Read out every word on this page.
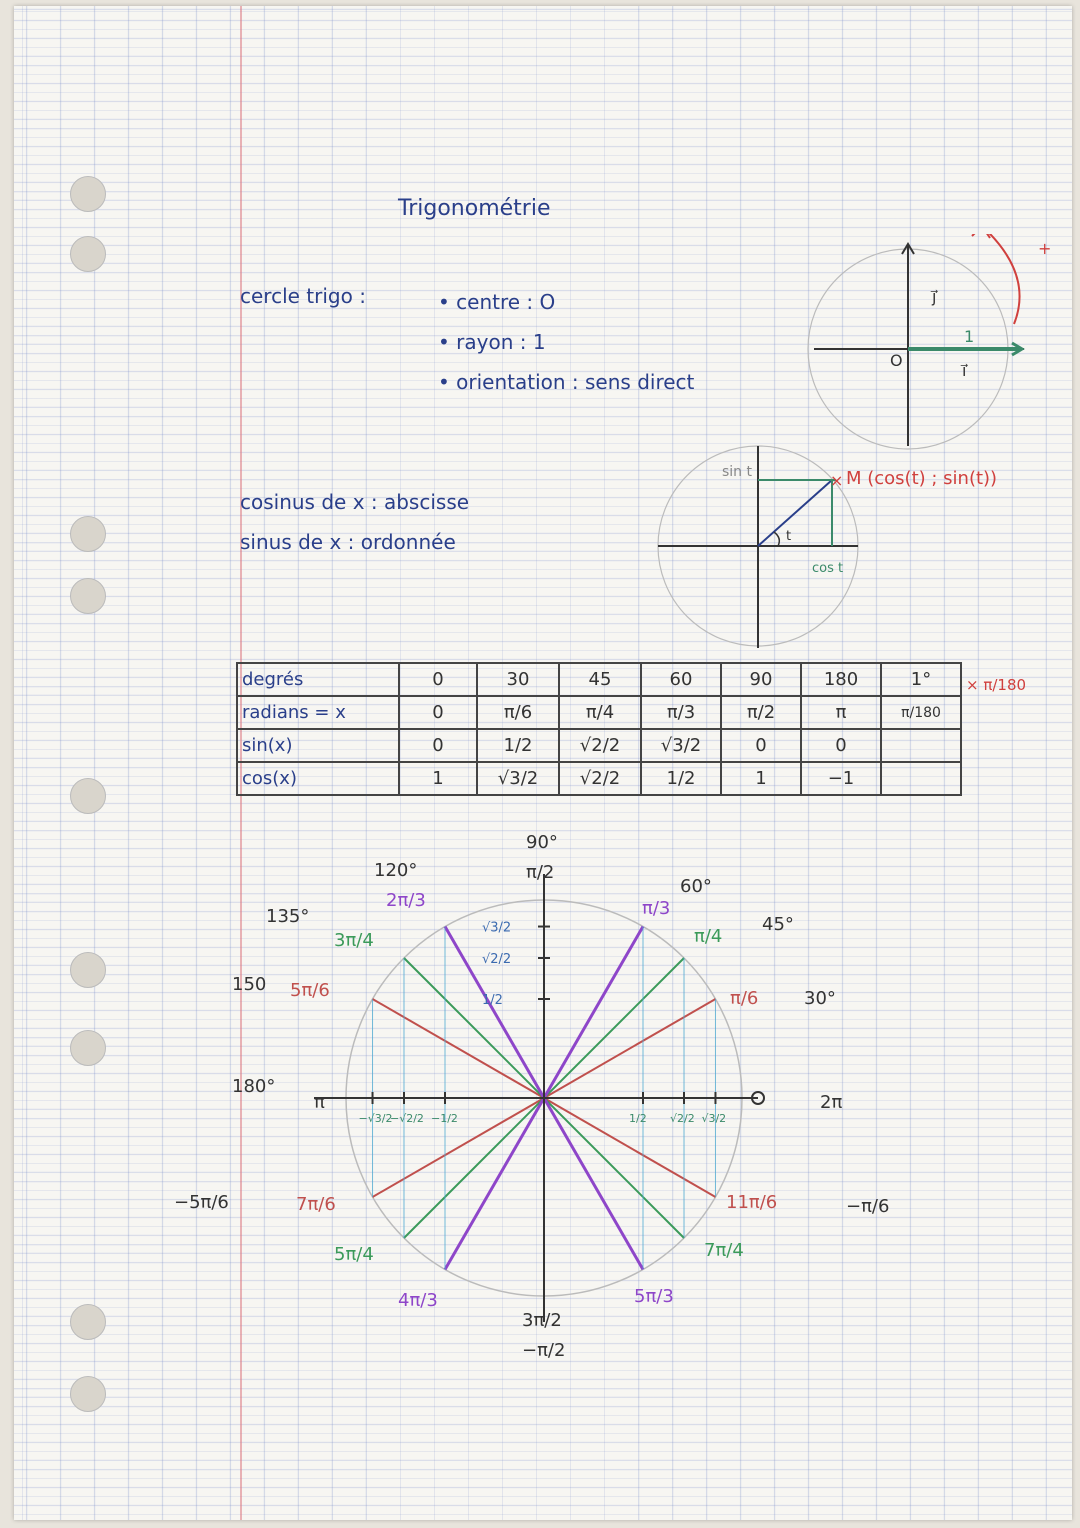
Trigonométrie
cercle trigo :	• centre : O
• rayon : 1
• orientation : sens direct
cosinus de x : abscisse
sinus de x : ordonnée
O
1
i⃗
j⃗
+
t
sin t
cos t
× M (cos(t) ; sin(t))
degrés	0	30	45	60	90	180	1°
radians = x	0	π/6	π/4	π/3	π/2	π	π/180
sin(x)	0	1/2	√2/2	√3/2	0	0	
cos(x)	1	√3/2	√2/2	1/2	1	−1	
× π/180
90°
π/2
120°
2π/3
60°
π/3
135°
3π/4	π/4
45°
150 5π/6	π/6	30°
180°
π	2π
−5π/6	7π/6	11π/6	−π/6
5π/4	7π/4
4π/3	5π/3
3π/2
−π/2
√3/2
√2/2
1/2
−√3/2
−√2/2 −1/2	1/2 √2/2 √3/2
